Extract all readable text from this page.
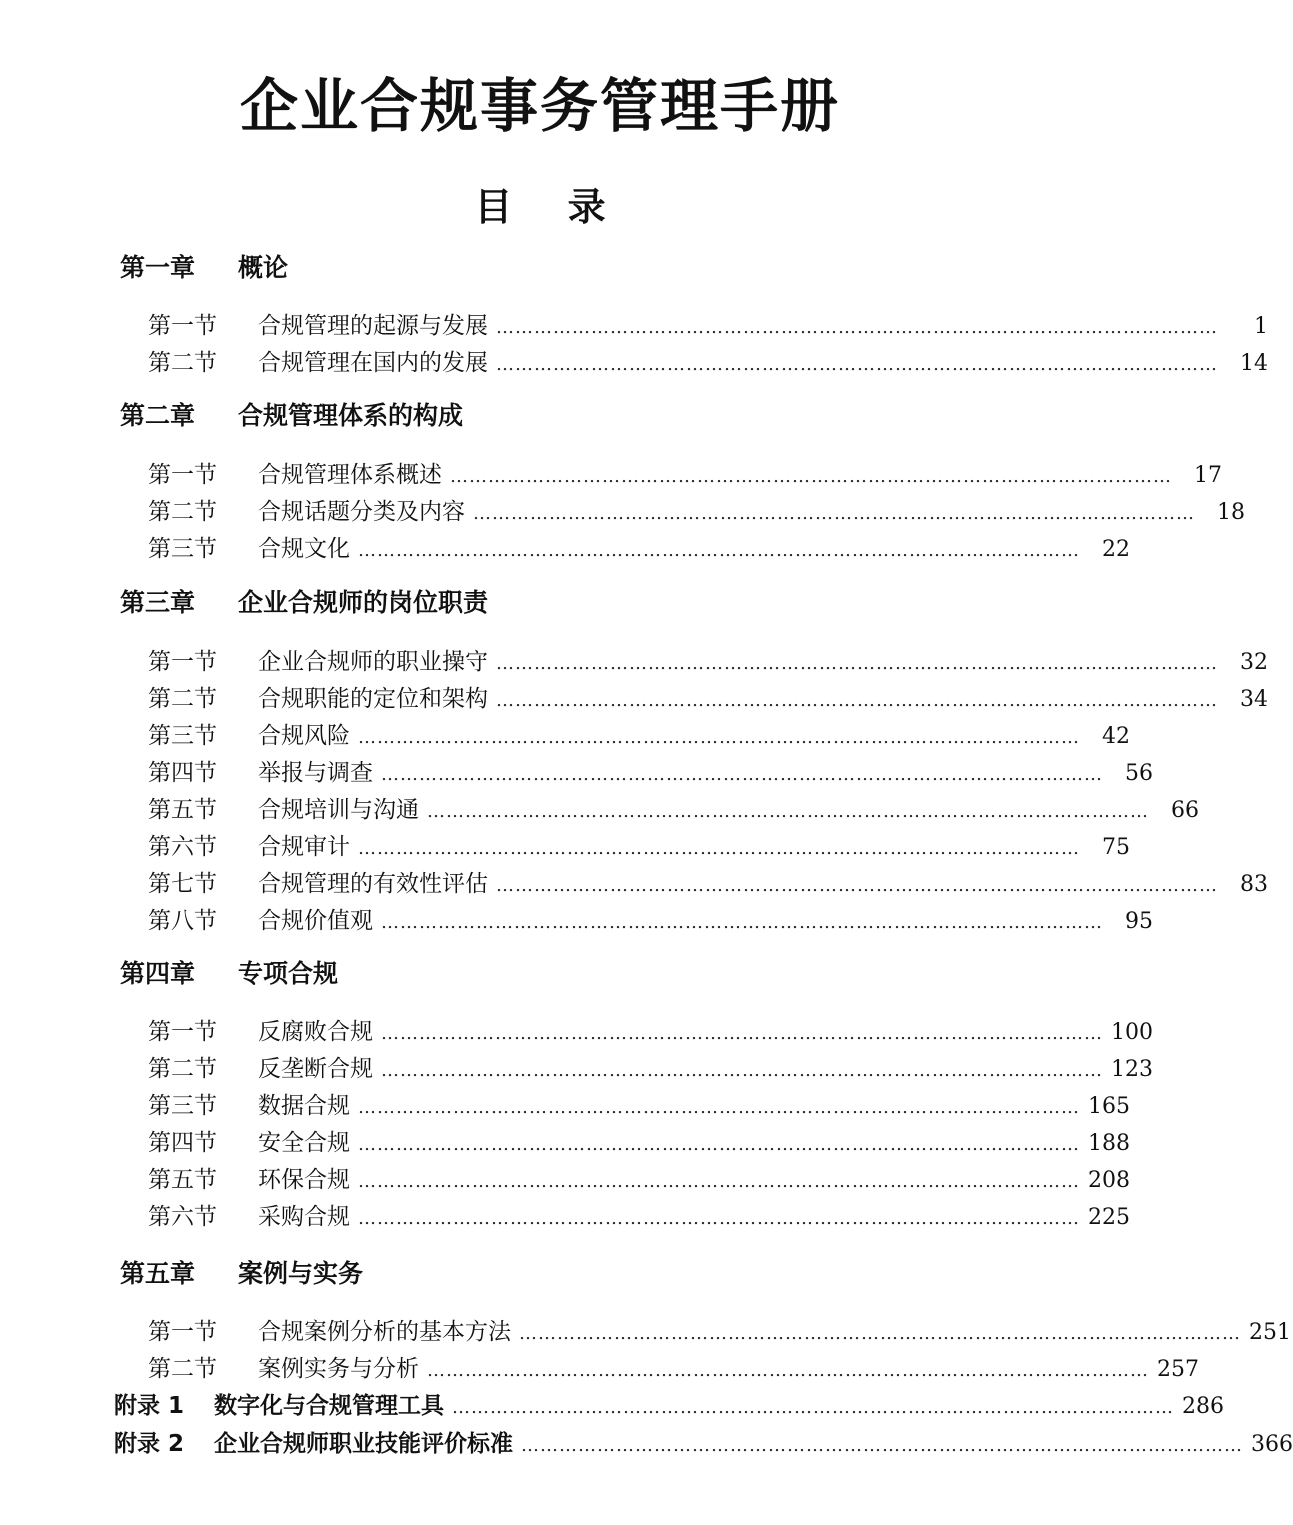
企业合规事务管理手册
目 录
第一章 概论
第一节	合规管理的起源与发展 ……………………………………………………………………………………………………	1
第二节	合规管理在国内的发展 ……………………………………………………………………………………………………	14
第二章 合规管理体系的构成
第一节	合规管理体系概述 ……………………………………………………………………………………………………	17
第二节	合规话题分类及内容 ……………………………………………………………………………………………………	18
第三节	合规文化 ……………………………………………………………………………………………………	22
第三章 企业合规师的岗位职责
第一节	企业合规师的职业操守 ……………………………………………………………………………………………………	32
第二节	合规职能的定位和架构 ……………………………………………………………………………………………………	34
第三节	合规风险 ……………………………………………………………………………………………………	42
第四节	举报与调查 ……………………………………………………………………………………………………	56
第五节	合规培训与沟通 ……………………………………………………………………………………………………	66
第六节	合规审计 ……………………………………………………………………………………………………	75
第七节	合规管理的有效性评估 ……………………………………………………………………………………………………	83
第八节	合规价值观 ……………………………………………………………………………………………………	95
第四章 专项合规
第一节	反腐败合规 …………………………………………………………………………………………………… 100
第二节	反垄断合规 …………………………………………………………………………………………………… 123
第三节	数据合规 …………………………………………………………………………………………………… 165
第四节	安全合规 …………………………………………………………………………………………………… 188
第五节	环保合规 …………………………………………………………………………………………………… 208
第六节	采购合规 …………………………………………………………………………………………………… 225
第五章 案例与实务
第一节	合规案例分析的基本方法 …………………………………………………………………………………………………… 251
第二节	案例实务与分析 …………………………………………………………………………………………………… 257
附录 1	数字化与合规管理工具 …………………………………………………………………………………………………… 286
附录 2	企业合规师职业技能评价标准 …………………………………………………………………………………………………… 366
